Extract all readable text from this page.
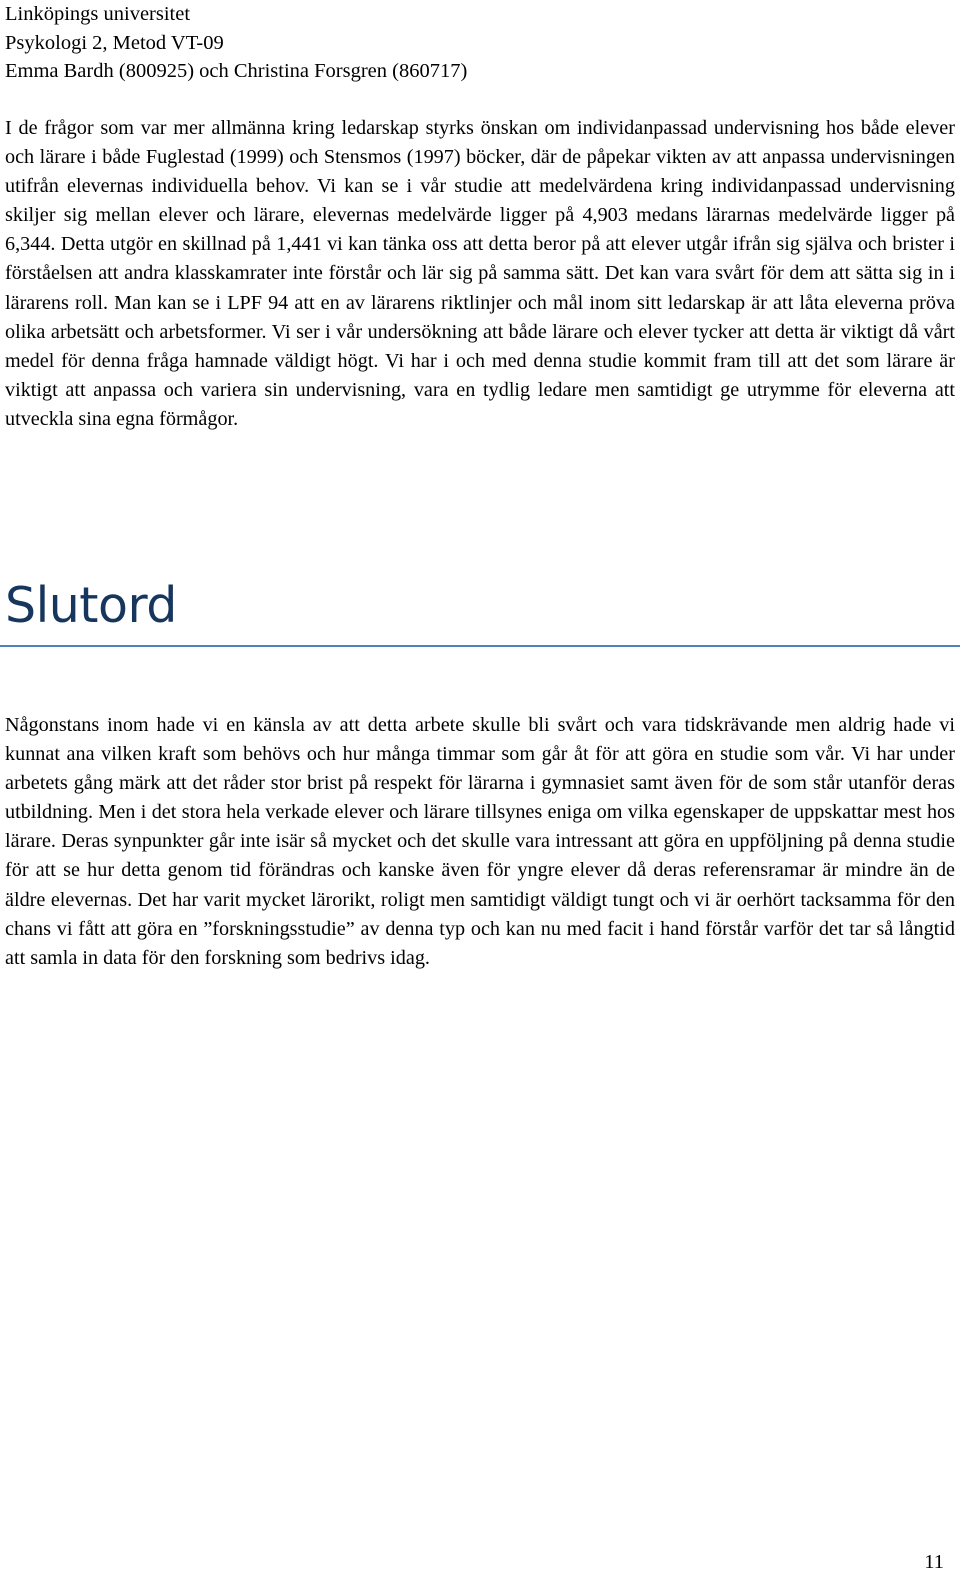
Linköpings universitet
Psykologi 2, Metod VT-09
Emma Bardh (800925) och Christina Forsgren (860717)
I de frågor som var mer allmänna kring ledarskap styrks önskan om individanpassad undervisning hos både elever och lärare i både Fuglestad (1999) och Stensmos (1997) böcker, där de påpekar vikten av att anpassa undervisningen utifrån elevernas individuella behov. Vi kan se i vår studie att medelvärdena kring individanpassad undervisning skiljer sig mellan elever och lärare, elevernas medelvärde ligger på 4,903 medans lärarnas medelvärde ligger på 6,344. Detta utgör en skillnad på 1,441 vi kan tänka oss att detta beror på att elever utgår ifrån sig själva och brister i förståelsen att andra klasskamrater inte förstår och lär sig på samma sätt. Det kan vara svårt för dem att sätta sig in i lärarens roll. Man kan se i LPF 94 att en av lärarens riktlinjer och mål inom sitt ledarskap är att låta eleverna pröva olika arbetsätt och arbetsformer. Vi ser i vår undersökning att både lärare och elever tycker att detta är viktigt då vårt medel för denna fråga hamnade väldigt högt. Vi har i och med denna studie kommit fram till att det som lärare är viktigt att anpassa och variera sin undervisning, vara en tydlig ledare men samtidigt ge utrymme för eleverna att utveckla sina egna förmågor.
Slutord
Någonstans inom hade vi en känsla av att detta arbete skulle bli svårt och vara tidskrävande men aldrig hade vi kunnat ana vilken kraft som behövs och hur många timmar som går åt för att göra en studie som vår. Vi har under arbetets gång märk att det råder stor brist på respekt för lärarna i gymnasiet samt även för de som står utanför deras utbildning. Men i det stora hela verkade elever och lärare tillsynes eniga om vilka egenskaper de uppskattar mest hos lärare. Deras synpunkter går inte isär så mycket och det skulle vara intressant att göra en uppföljning på denna studie för att se hur detta genom tid förändras och kanske även för yngre elever då deras referensramar är mindre än de äldre elevernas. Det har varit mycket lärorikt, roligt men samtidigt väldigt tungt och vi är oerhört tacksamma för den chans vi fått att göra en ”forskningsstudie” av denna typ och kan nu med facit i hand förstår varför det tar så långtid att samla in data för den forskning som bedrivs idag.
11
